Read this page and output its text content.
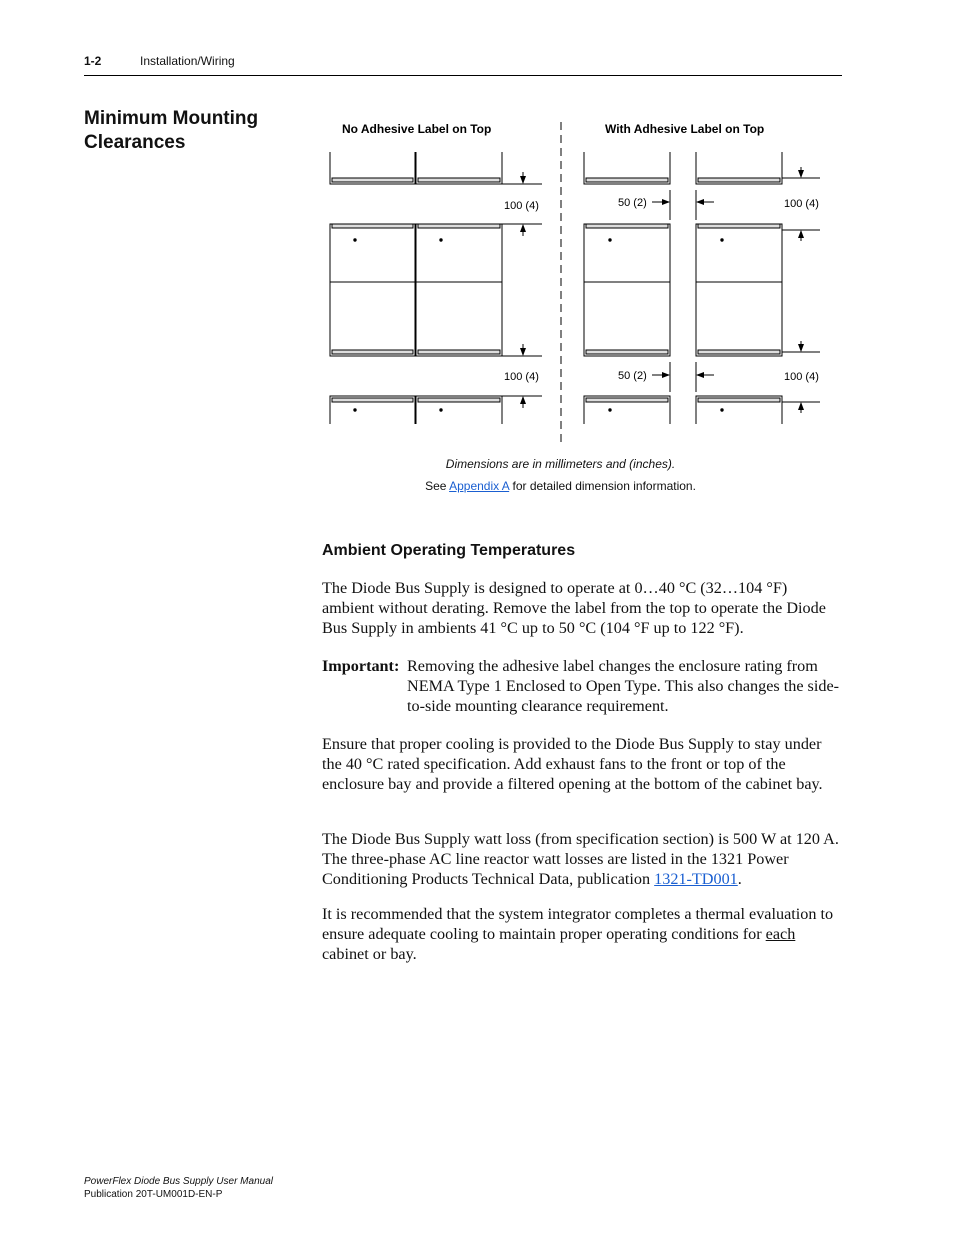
1-2	Installation/Wiring
Minimum Mounting Clearances
No Adhesive Label on Top	With Adhesive Label on Top
100 (4)
100 (4)
50 (2)
50 (2)
100 (4)
100 (4)
Dimensions are in millimeters and (inches).
See Appendix A for detailed dimension information.
Ambient Operating Temperatures
The Diode Bus Supply is designed to operate at 0…40 °C (32…104 °F) ambient without derating. Remove the label from the top to operate the Diode Bus Supply in ambients 41 °C up to 50 °C (104 °F up to 122 °F).
Important: Removing the adhesive label changes the enclosure rating from NEMA Type 1 Enclosed to Open Type. This also changes the side-to-side mounting clearance requirement.
Ensure that proper cooling is provided to the Diode Bus Supply to stay under the 40 °C rated specification. Add exhaust fans to the front or top of the enclosure bay and provide a filtered opening at the bottom of the cabinet bay.
The Diode Bus Supply watt loss (from specification section) is 500 W at 120 A. The three-phase AC line reactor watt losses are listed in the 1321 Power Conditioning Products Technical Data, publication 1321-TD001.
It is recommended that the system integrator completes a thermal evaluation to ensure adequate cooling to maintain proper operating conditions for each cabinet or bay.
PowerFlex Diode Bus Supply User Manual
Publication 20T-UM001D-EN-P
